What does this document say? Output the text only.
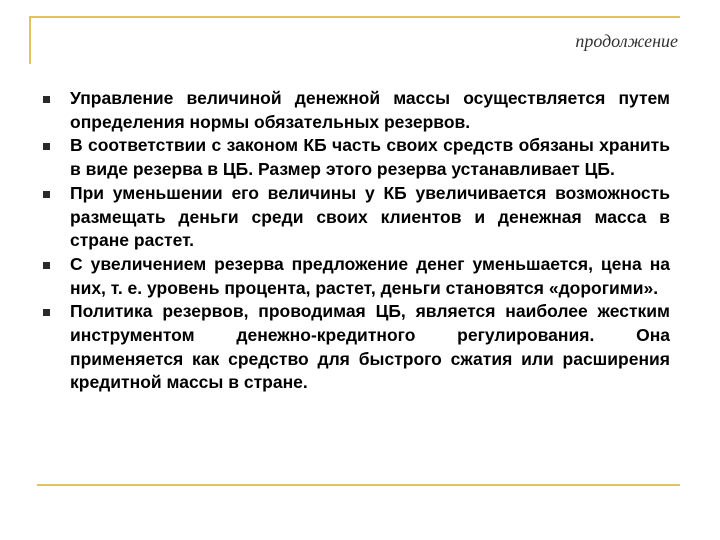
продолжение
Управление величиной денежной массы осуществляется путем определения нормы обязательных резервов.
В соответствии с законом КБ часть своих средств обязаны хранить в виде резерва в ЦБ. Размер этого резерва устанавливает ЦБ.
При уменьшении его величины у КБ увеличивается возможность размещать деньги среди своих клиентов и денежная масса в стране растет.
С увеличением резерва предложение денег уменьшается, цена на них, т. е. уровень процента, растет, деньги становятся «дорогими».
Политика резервов, проводимая ЦБ, является наиболее жестким инструментом денежно-кредитного регулирования. Она применяется как средство для быстрого сжатия или расширения кредитной массы в стране.
